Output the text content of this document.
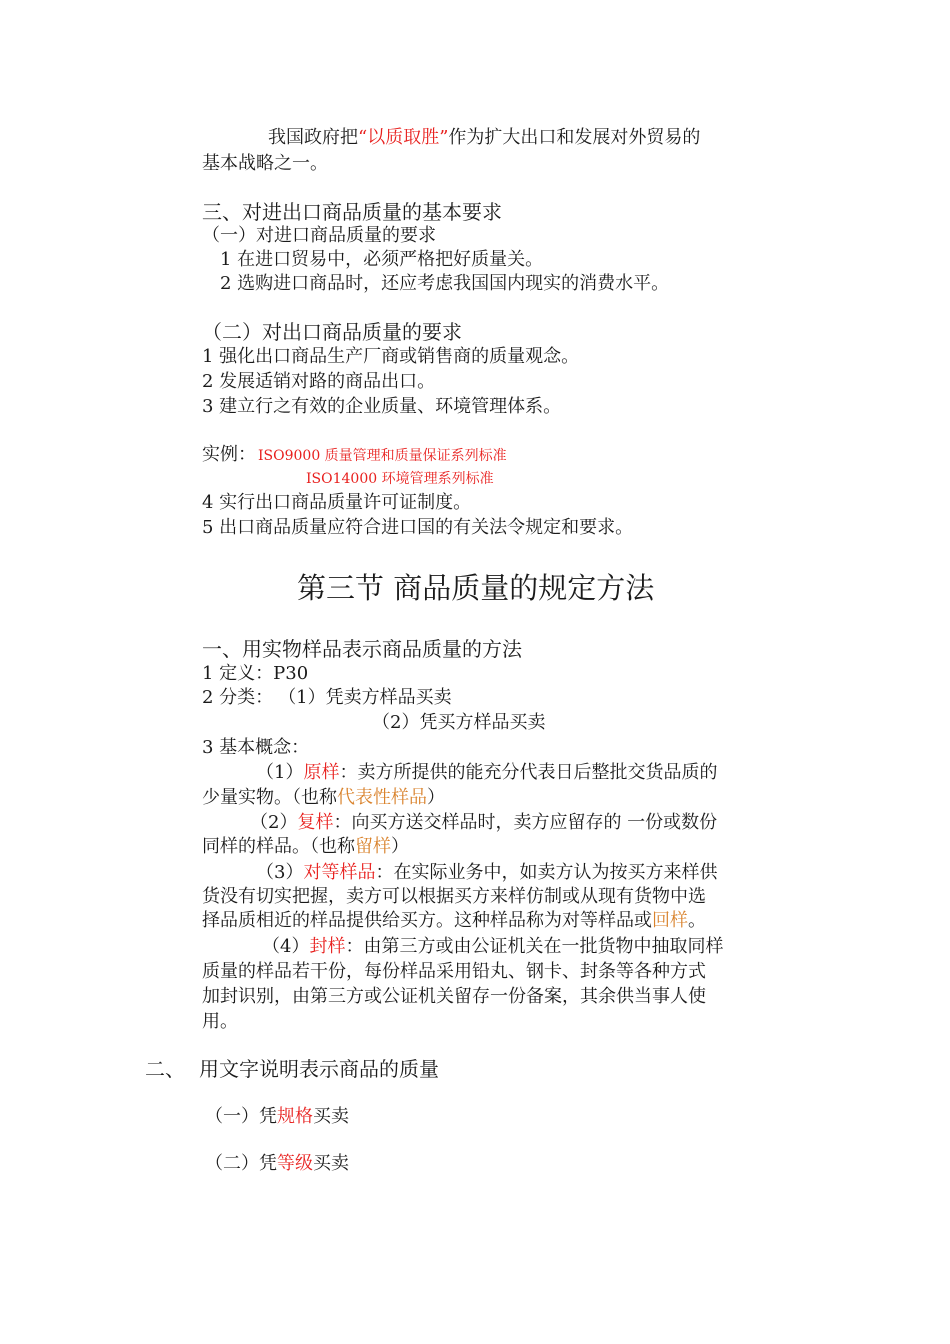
我国政府把“以质取胜”作为扩大出口和发展对外贸易的
基本战略之一。
三、对进出口商品质量的基本要求
（一）对进口商品质量的要求
1 在进口贸易中，必须严格把好质量关。
2 选购进口商品时，还应考虑我国国内现实的消费水平。
（二）对出口商品质量的要求
1 强化出口商品生产厂商或销售商的质量观念。
2 发展适销对路的商品出口。
3 建立行之有效的企业质量、环境管理体系。
实例： ISO9000 质量管理和质量保证系列标准
ISO14000 环境管理系列标准
4 实行出口商品质量许可证制度。
5 出口商品质量应符合进口国的有关法令规定和要求。
第三节 商品质量的规定方法
一、用实物样品表示商品质量的方法
1 定义：P30
2 分类： （1）凭卖方样品买卖
（2）凭买方样品买卖
3 基本概念：
（1）原样：卖方所提供的能充分代表日后整批交货品质的
少量实物。（也称代表性样品）
（2）复样：向买方送交样品时，卖方应留存的 一份或数份
同样的样品。（也称留样）
（3）对等样品：在实际业务中，如卖方认为按买方来样供
货没有切实把握，卖方可以根据买方来样仿制或从现有货物中选
择品质相近的样品提供给买方。这种样品称为对等样品或回样。
（4）封样：由第三方或由公证机关在一批货物中抽取同样
质量的样品若干份，每份样品采用铅丸、钢卡、封条等各种方式
加封识别，由第三方或公证机关留存一份备案，其余供当事人使
用。
二、 用文字说明表示商品的质量
（一）凭规格买卖
（二）凭等级买卖
